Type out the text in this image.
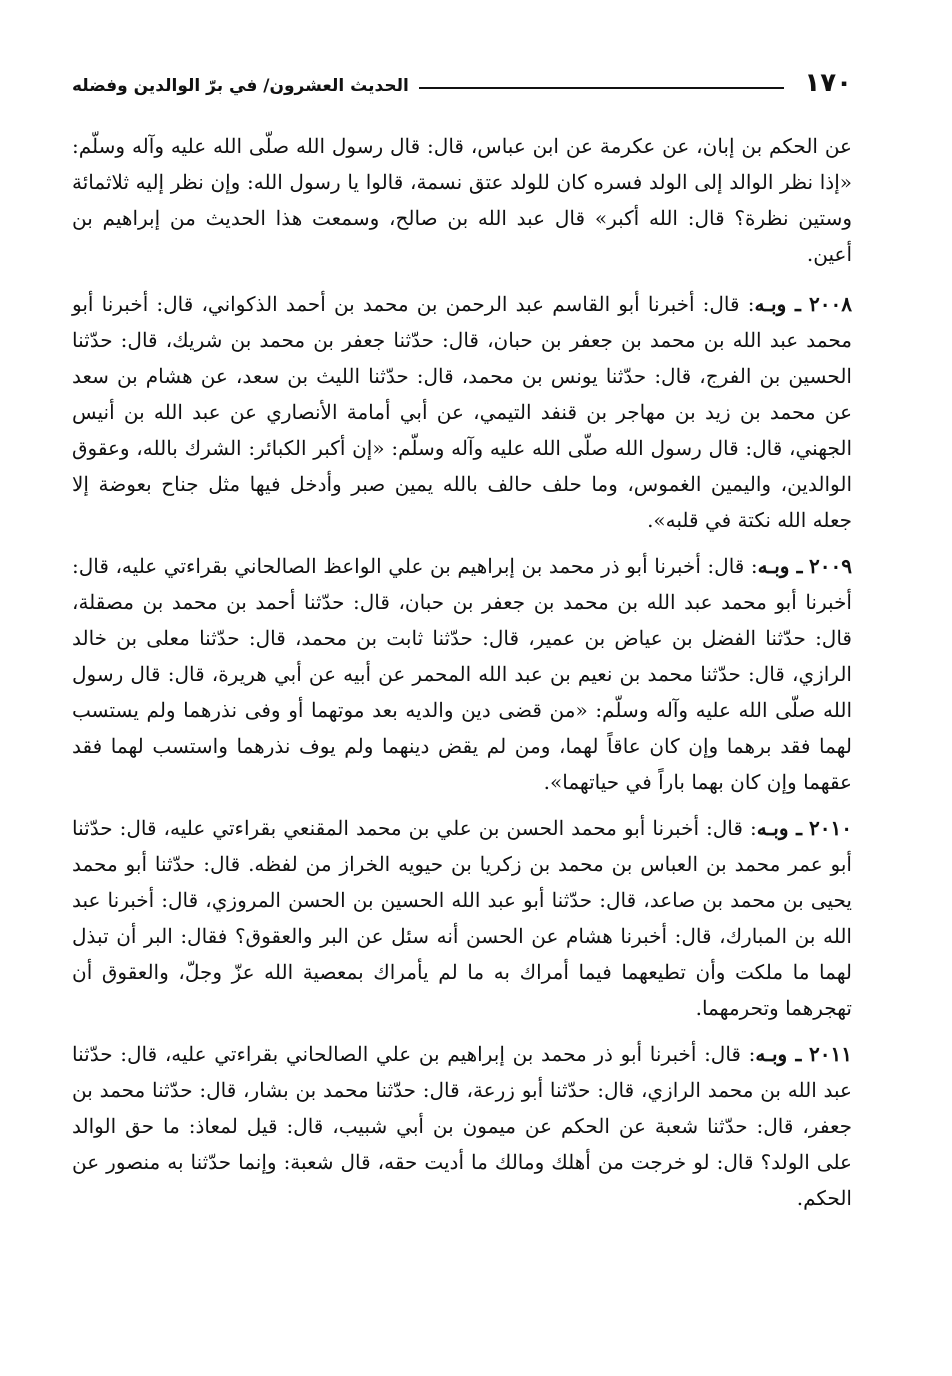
١٧٠
الحديث العشرون/ في برّ الوالدين وفضله

عن الحكم بن إبان، عن عكرمة عن ابن عباس، قال: قال رسول الله صلّى الله عليه وآله وسلّم: «إذا نظر الوالد إلى الولد فسره كان للولد عتق نسمة، قالوا يا رسول الله: وإن نظر إليه ثلاثمائة وستين نظرة؟ قال: الله أكبر» قال عبد الله بن صالح، وسمعت هذا الحديث من إبراهيم بن أعين.

٢٠٠٨ ـ وبـه: قال: أخبرنا أبو القاسم عبد الرحمن بن محمد بن أحمد الذكواني، قال: أخبرنا أبو محمد عبد الله بن محمد بن جعفر بن حبان، قال: حدّثنا جعفر بن محمد بن شريك، قال: حدّثنا الحسين بن الفرج، قال: حدّثنا يونس بن محمد، قال: حدّثنا الليث بن سعد، عن هشام بن سعد عن محمد بن زيد بن مهاجر بن قنفد التيمي، عن أبي أمامة الأنصاري عن عبد الله بن أنيس الجهني، قال: قال رسول الله صلّى الله عليه وآله وسلّم: «إن أكبر الكبائر: الشرك بالله، وعقوق الوالدين، واليمين الغموس، وما حلف حالف بالله يمين صبر وأدخل فيها مثل جناح بعوضة إلا جعله الله نكتة في قلبه».

٢٠٠٩ ـ وبـه: قال: أخبرنا أبو ذر محمد بن إبراهيم بن علي الواعظ الصالحاني بقراءتي عليه، قال: أخبرنا أبو محمد عبد الله بن محمد بن جعفر بن حبان، قال: حدّثنا أحمد بن محمد بن مصقلة، قال: حدّثنا الفضل بن عياض بن عمير، قال: حدّثنا ثابت بن محمد، قال: حدّثنا معلى بن خالد الرازي، قال: حدّثنا محمد بن نعيم بن عبد الله المحمر عن أبيه عن أبي هريرة، قال: قال رسول الله صلّى الله عليه وآله وسلّم: «من قضى دين والديه بعد موتهما أو وفى نذرهما ولم يستسب لهما فقد برهما وإن كان عاقاً لهما، ومن لم يقض دينهما ولم يوف نذرهما واستسب لهما فقد عقهما وإن كان بهما باراً في حياتهما».

٢٠١٠ ـ وبـه: قال: أخبرنا أبو محمد الحسن بن علي بن محمد المقنعي بقراءتي عليه، قال: حدّثنا أبو عمر محمد بن العباس بن محمد بن زكريا بن حيويه الخراز من لفظه. قال: حدّثنا أبو محمد يحيى بن محمد بن صاعد، قال: حدّثنا أبو عبد الله الحسين بن الحسن المروزي، قال: أخبرنا عبد الله بن المبارك، قال: أخبرنا هشام عن الحسن أنه سئل عن البر والعقوق؟ فقال: البر أن تبذل لهما ما ملكت وأن تطيعهما فيما أمراك به ما لم يأمراك بمعصية الله عزّ وجلّ، والعقوق أن تهجرهما وتحرمهما.

٢٠١١ ـ وبـه: قال: أخبرنا أبو ذر محمد بن إبراهيم بن علي الصالحاني بقراءتي عليه، قال: حدّثنا عبد الله بن محمد الرازي، قال: حدّثنا أبو زرعة، قال: حدّثنا محمد بن بشار، قال: حدّثنا محمد بن جعفر، قال: حدّثنا شعبة عن الحكم عن ميمون بن أبي شبيب، قال: قيل لمعاذ: ما حق الوالد على الولد؟ قال: لو خرجت من أهلك ومالك ما أديت حقه، قال شعبة: وإنما حدّثنا به منصور عن الحكم.
